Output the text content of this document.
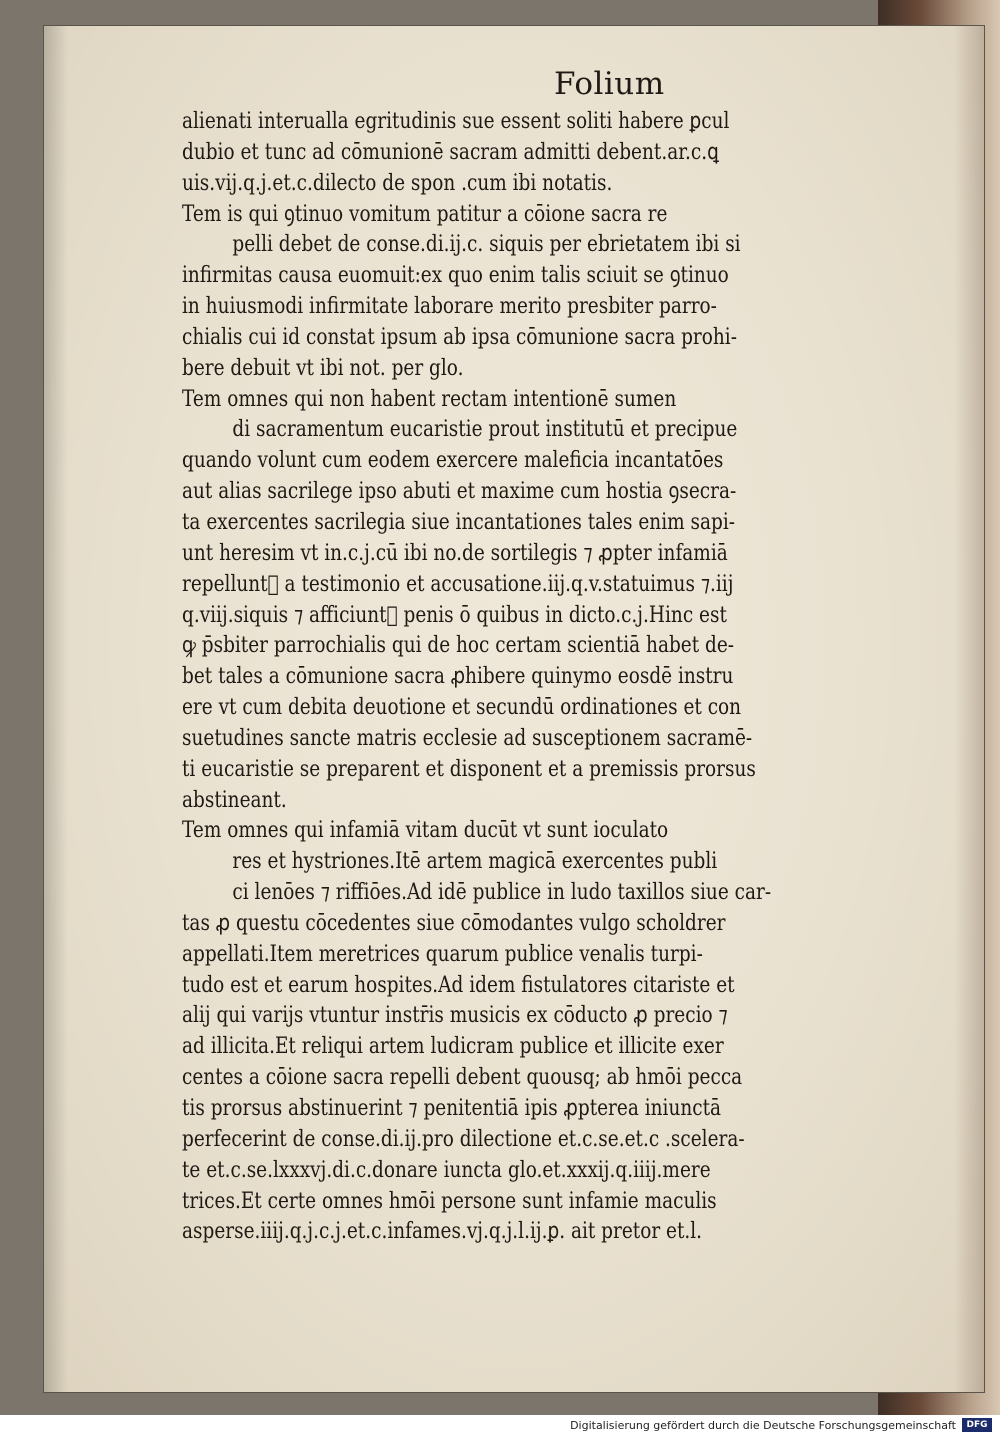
Folium
alienati interualla egritudinis sue essent soliti habere ꝑcul
dubio et tunc ad cōmunionē sacram admitti debent.ar.c.ꝗ
uis.vij.q.j.et.c.dilecto de spon .cum ibi notatis.
Tem is qui ꝯtinuo vomitum patitur a cōione sacra re
pelli debet de conse.di.ij.c. siquis per ebrietatem ibi si
infirmitas causa euomuit:ex quo enim talis sciuit se ꝯtinuo
in huiusmodi infirmitate laborare merito presbiter parro-
chialis cui id constat ipsum ab ipsa cōmunione sacra prohi-
bere debuit vt ibi not. per glo.
Tem omnes qui non habent rectam intentionē sumen
di sacramentum eucaristie prout institutū et precipue
quando volunt cum eodem exercere maleficia incantatōes
aut alias sacrilege ipso abuti et maxime cum hostia ꝯsecra-
ta exercentes sacrilegia siue incantationes tales enim sapi-
unt heresim vt in.c.j.cū ibi no.de sortilegis ⁊ ꝓpter infamiā
repellunt᷑ a testimonio et accusatione.iij.q.v.statuimus ⁊.iij
q.viij.siquis ⁊ afficiunt᷑ penis ō quibus in dicto.c.j.Hinc est
ꝙ p̄sbiter parrochialis qui de hoc certam scientiā habet de-
bet tales a cōmunione sacra ꝓhibere quinymo eosdē instru
ere vt cum debita deuotione et secundū ordinationes et con
suetudines sancte matris ecclesie ad susceptionem sacramē-
ti eucaristie se preparent et disponent et a premissis prorsus
abstineant.
Tem omnes qui infamiā vitam ducūt vt sunt ioculato
res et hystriones.Itē artem magicā exercentes publi
ci lenōes ⁊ riffiōes.Ad idē publice in ludo taxillos siue car-
tas ꝓ questu cōcedentes siue cōmodantes vulgo scholdrer
appellati.Item meretrices quarum publice venalis turpi-
tudo est et earum hospites.Ad idem fistulatores citariste et
alij qui varijs vtuntur instr̄is musicis ex cōducto ꝓ precio ⁊
ad illicita.Et reliqui artem ludicram publice et illicite exer
centes a cōione sacra repelli debent quousq; ab hmōi pecca
tis prorsus abstinuerint ⁊ penitentiā ipis ꝓpterea iniunctā
perfecerint de conse.di.ij.pro dilectione et.c.se.et.c .scelera-
te et.c.se.lxxxvj.di.c.donare iuncta glo.et.xxxij.q.iiij.mere
trices.Et certe omnes hmōi persone sunt infamie maculis
asperse.iiij.q.j.c.j.et.c.infames.vj.q.j.l.ij.ꝑ. ait pretor et.l.
Digitalisierung gefördert durch die Deutsche Forschungsgemeinschaft	DFG
